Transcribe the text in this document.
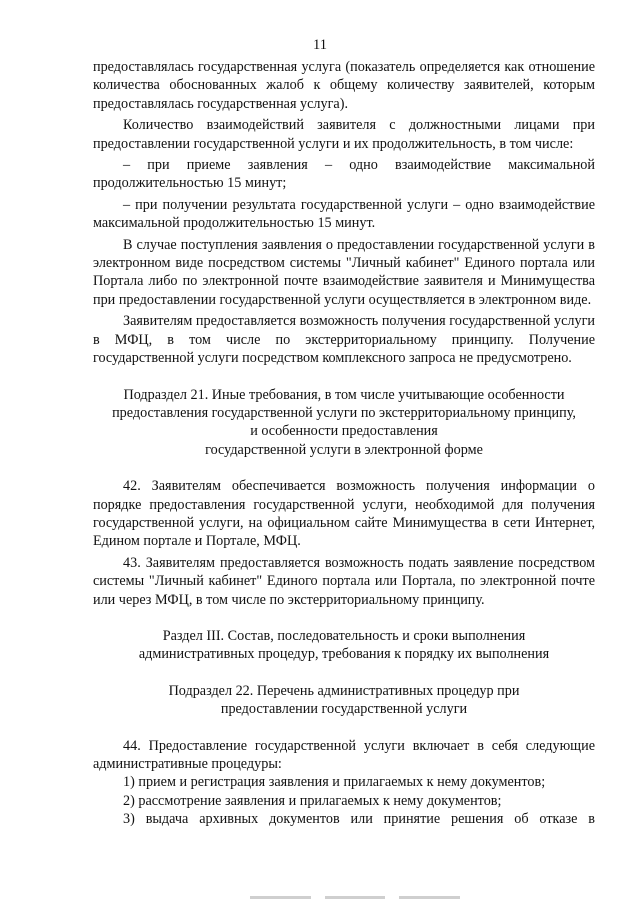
11

предоставлялась государственная услуга (показатель определяется как отношение количества обоснованных жалоб к общему количеству заявителей, которым предоставлялась государственная услуга).

Количество взаимодействий заявителя с должностными лицами при предоставлении государственной услуги и их продолжительность, в том числе:

– при приеме заявления – одно взаимодействие максимальной продолжительностью 15 минут;

– при получении результата государственной услуги – одно взаимодействие максимальной продолжительностью 15 минут.

В случае поступления заявления о предоставлении государственной услуги в электронном виде посредством системы "Личный кабинет" Единого портала или Портала либо по электронной почте взаимодействие заявителя и Минимущества при предоставлении государственной услуги осуществляется в электронном виде.

Заявителям предоставляется возможность получения государственной услуги в МФЦ, в том числе по экстерриториальному принципу. Получение государственной услуги посредством комплексного запроса не предусмотрено.

Подраздел 21. Иные требования, в том числе учитывающие особенности

предоставления государственной услуги по экстерриториальному принципу,

и особенности предоставления

государственной услуги в электронной форме

42. Заявителям обеспечивается возможность получения информации о порядке предоставления государственной услуги, необходимой для получения государственной услуги, на официальном сайте Минимущества в сети Интернет, Едином портале и Портале, МФЦ.

43. Заявителям предоставляется возможность подать заявление посредством системы "Личный кабинет" Единого портала или Портала, по электронной почте или через МФЦ, в том числе по экстерриториальному принципу.

Раздел III. Состав, последовательность и сроки выполнения

административных процедур, требования к порядку их выполнения

Подраздел 22. Перечень административных процедур при

предоставлении государственной услуги

44. Предоставление государственной услуги включает в себя следующие административные процедуры:

1) прием и регистрация заявления и прилагаемых к нему документов;

2) рассмотрение заявления и прилагаемых к нему документов;

3) выдача архивных документов или принятие решения об отказе в
